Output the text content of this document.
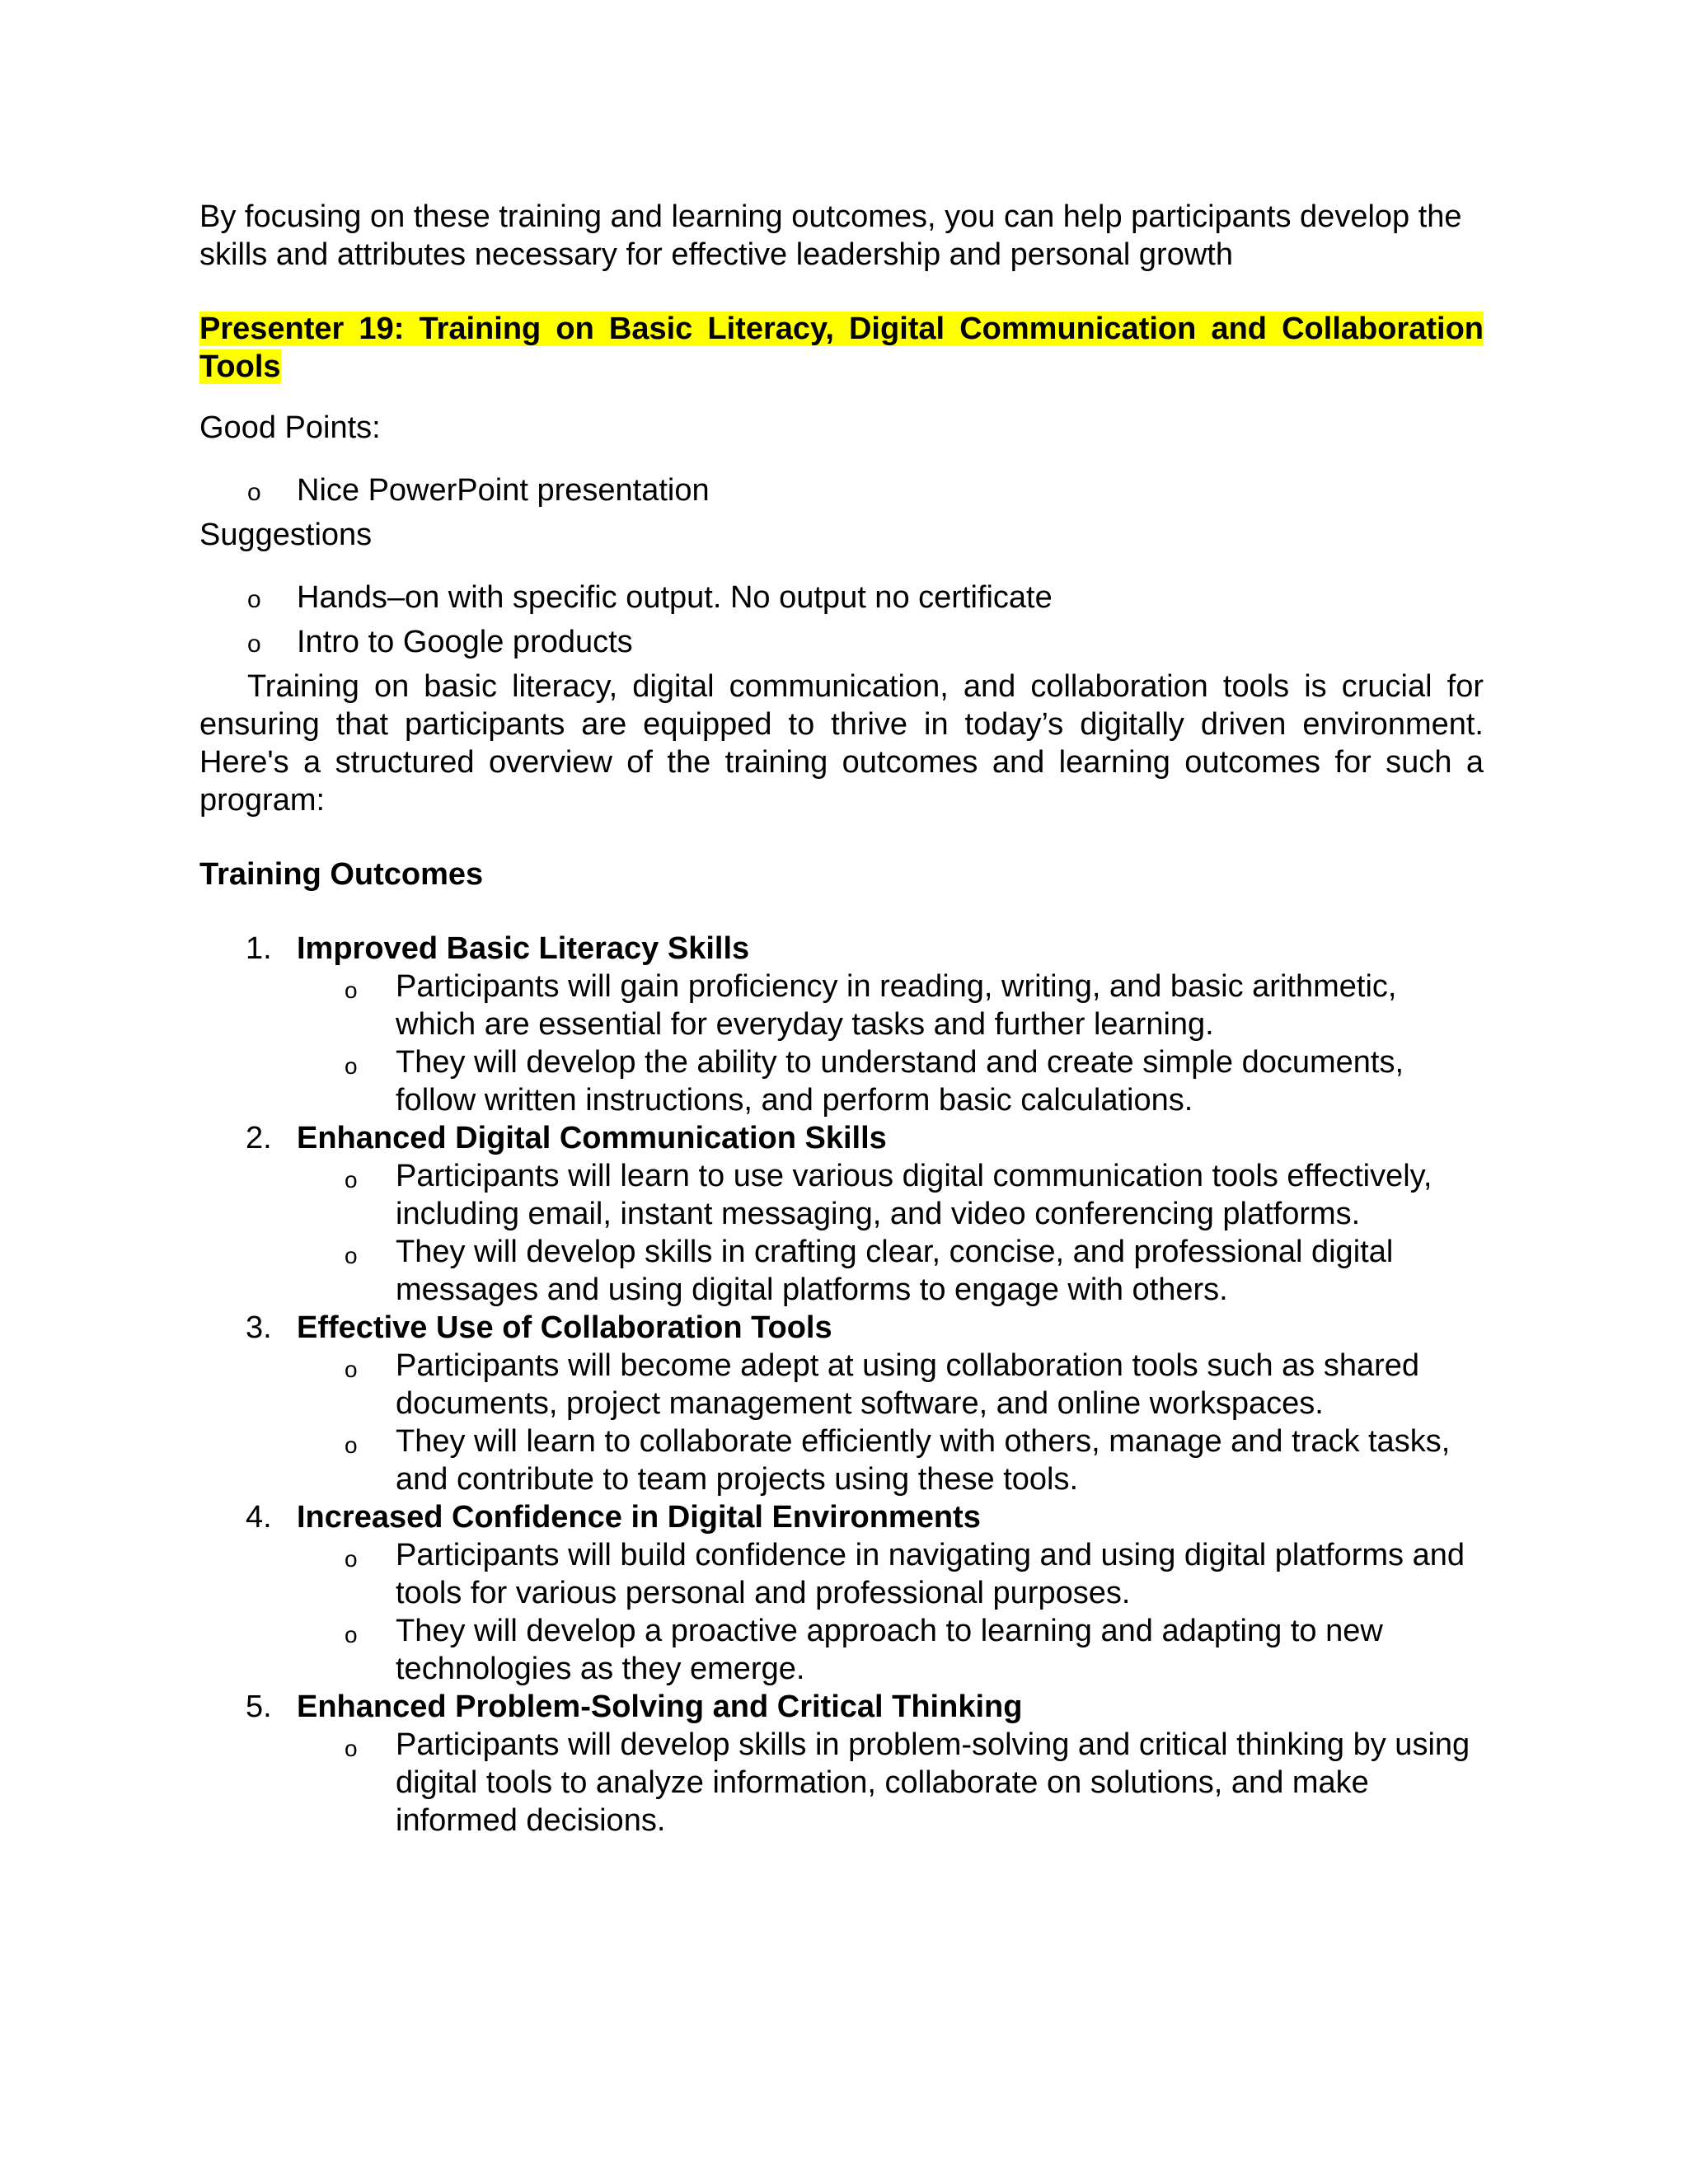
By focusing on these training and learning outcomes, you can help participants develop the skills and attributes necessary for effective leadership and personal growth

Presenter 19: Training on Basic Literacy, Digital Communication and Collaboration Tools

Good Points:

o Nice PowerPoint presentation

Suggestions

o Hands–on with specific output. No output no certificate
o Intro to Google products

Training on basic literacy, digital communication, and collaboration tools is crucial for ensuring that participants are equipped to thrive in today’s digitally driven environment. Here's a structured overview of the training outcomes and learning outcomes for such a program:

Training Outcomes

1. Improved Basic Literacy Skills
o Participants will gain proficiency in reading, writing, and basic arithmetic, which are essential for everyday tasks and further learning.
o They will develop the ability to understand and create simple documents, follow written instructions, and perform basic calculations.
2. Enhanced Digital Communication Skills
o Participants will learn to use various digital communication tools effectively, including email, instant messaging, and video conferencing platforms.
o They will develop skills in crafting clear, concise, and professional digital messages and using digital platforms to engage with others.
3. Effective Use of Collaboration Tools
o Participants will become adept at using collaboration tools such as shared documents, project management software, and online workspaces.
o They will learn to collaborate efficiently with others, manage and track tasks, and contribute to team projects using these tools.
4. Increased Confidence in Digital Environments
o Participants will build confidence in navigating and using digital platforms and tools for various personal and professional purposes.
o They will develop a proactive approach to learning and adapting to new technologies as they emerge.
5. Enhanced Problem-Solving and Critical Thinking
o Participants will develop skills in problem-solving and critical thinking by using digital tools to analyze information, collaborate on solutions, and make informed decisions.
